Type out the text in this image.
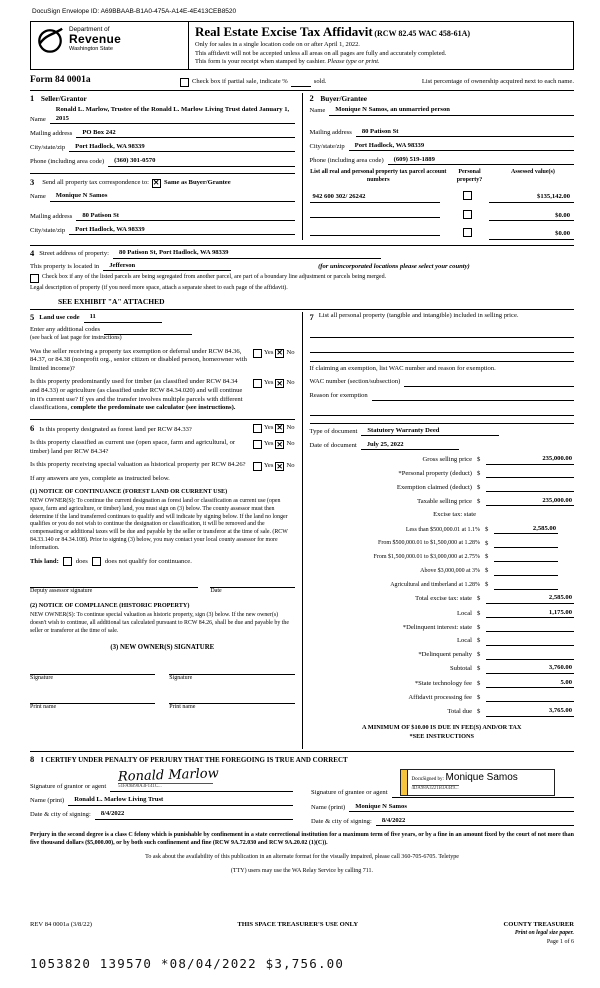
DocuSign Envelope ID: A69BBAAB-B1A0-475A-A14E-4E413CEB8520
Department of
Revenue
Washington State
Real Estate Excise Tax Affidavit (RCW 82.45 WAC 458-61A)
Only for sales in a single location code on or after April 1, 2022.
This affidavit will not be accepted unless all areas on all pages are fully and accurately completed.
This form is your receipt when stamped by cashier. Please type or print.
Form 84 0001a	Check box if partial sale, indicate %	sold.	List percentage of ownership acquired next to each name.
1 Seller/Grantor
Name
Ronald L. Marlow, Trustee of the Ronald L. Marlow Living Trust dated January 1, 2015
Mailing address	PO Box 242
City/state/zip	Port Hadlock, WA 98339
Phone (including area code)	(360) 301-0570
3	Send all property tax correspondence to: ✕ Same as Buyer/Grantee
Name	Monique N Samos
Mailing address	80 Patison St
City/state/zip	Port Hadlock, WA 98339
2 Buyer/Grantee
Name	Monique N Samos, an unmarried person
Mailing address	80 Patison St
City/state/zip	Port Hadlock, WA 98339
Phone (including area code)	(609) 519-1889
List all real and personal property tax parcel account numbers
Personal property?
Assessed value(s)
942 600 302/ 26242	$135,142.00
$0.00
$0.00
4 Street address of property:	80 Patison St, Port Hadlock, WA 98339
This property is located in	Jefferson	(for unincorporated locations please select your county)
Check box if any of the listed parcels are being segregated from another parcel, are part of a boundary line adjustment or parcels being merged.
Legal description of property (if you need more space, attach a separate sheet to each page of the affidavit).
SEE EXHIBIT "A" ATTACHED
5 Land use code	11
Enter any additional codes
(see back of last page for instructions)
Was the seller receiving a property tax exemption or deferral under RCW 84.36, 84.37, or 84.38 (nonprofit org., senior citizen or disabled person, homeowner with limited income)?
Yes ✕ No
Is this property predominantly used for timber (as classified under RCW 84.34 and 84.33) or agriculture (as classified under RCW 84.34.020) and will continue in it's current use? If yes and the transfer involves multiple parcels with different classifications, complete the predominate use calculator (see instructions).
Yes ✕ No
6 Is this property designated as forest land per RCW 84.33?	Yes ✕ No
Is this property classified as current use (open space, farm and agricultural, or timber) land per RCW 84.34?
Yes ✕ No
Is this property receiving special valuation as historical property per RCW 84.26?	Yes ✕ No
If any answers are yes, complete as instructed below.
(1) NOTICE OF CONTINUANCE (FOREST LAND OR CURRENT USE)
NEW OWNER(S): To continue the current designation as forest land or classification as current use (open space, farm and agriculture, or timber) land, you must sign on (3) below. The county assessor must then determine if the land transferred continues to qualify and will indicate by signing below. If the land no longer qualifies or you do not wish to continue the designation or classification, it will be removed and the compensating or additional taxes will be due and payable by the seller or transferor at the time of sale. (RCW 84.33.140 or 84.34.108). Prior to signing (3) below, you may contact your local county assessor for more information.
This land:	does	does not qualify for continuance.
Deputy assessor signature	Date
(2) NOTICE OF COMPLIANCE (HISTORIC PROPERTY)
NEW OWNER(S): To continue special valuation as historic property, sign (3) below. If the new owner(s) doesn't wish to continue, all additional tax calculated pursuant to RCW 84.26, shall be due and payable by the seller or transferor at the time of sale.
(3) NEW OWNER(S) SIGNATURE
Signature	Signature
Print name	Print name
7 List all personal property (tangible and intangible) included in selling price.
If claiming an exemption, list WAC number and reason for exemption.
WAC number (section/subsection)
Reason for exemption
Type of document	Statutory Warranty Deed
Date of document	July 25, 2022
Gross selling price $	235,000.00
*Personal property (deduct) $
Exemption claimed (deduct) $
Taxable selling price $	235,000.00
Excise tax: state
Less than $500,000.01 at 1.1% $	2,585.00
From $500,000.01 to $1,500,000 at 1.28% $
From $1,500,000.01 to $3,000,000 at 2.75% $
Above $3,000,000 at 3% $
Agricultural and timberland at 1.28% $
Total excise tax: state $	2,585.00
Local $	1,175.00
*Delinquent interest: state $
Local $
*Delinquent penalty $
Subtotal $	3,760.00
*State technology fee $	5.00
Affidavit processing fee $
Total due $	3,765.00
A MINIMUM OF $10.00 IS DUE IN FEE(S) AND/OR TAX
*SEE INSTRUCTIONS
8 I CERTIFY UNDER PENALTY OF PERJURY THAT THE FOREGOING IS TRUE AND CORRECT
Signature of grantor or agent
Ronald Marlow
51FA9B90A3F141C...
Name (print)	Ronald L. Marlow Living Trust
Date & city of signing:	8/4/2022
Signature of grantee or agent
DocuSigned by: Monique Samos 4DA98A3221B3A449...
Name (print)	Monique N Samos
Date & city of signing:	8/4/2022

Perjury in the second degree is a class C felony which is punishable by confinement in a state correctional institution for a maximum term of five years, or by a fine in an amount fixed by the court of not more than five thousand dollars ($5,000.00), or by both such confinement and fine (RCW 9A.72.030 and RCW 9A.20.02 (1)(C)).

To ask about the availability of this publication in an alternate format for the visually impaired, please call 360-705-6705. Teletype

(TTY) users may use the WA Relay Service by calling 711.

REV 84 0001a (3/8/22)	THIS SPACE TREASURER'S USE ONLY	COUNTY TREASURER
Print on legal size paper.
Page 1 of 6
1053820 139570 *08/04/2022 $3,756.00
